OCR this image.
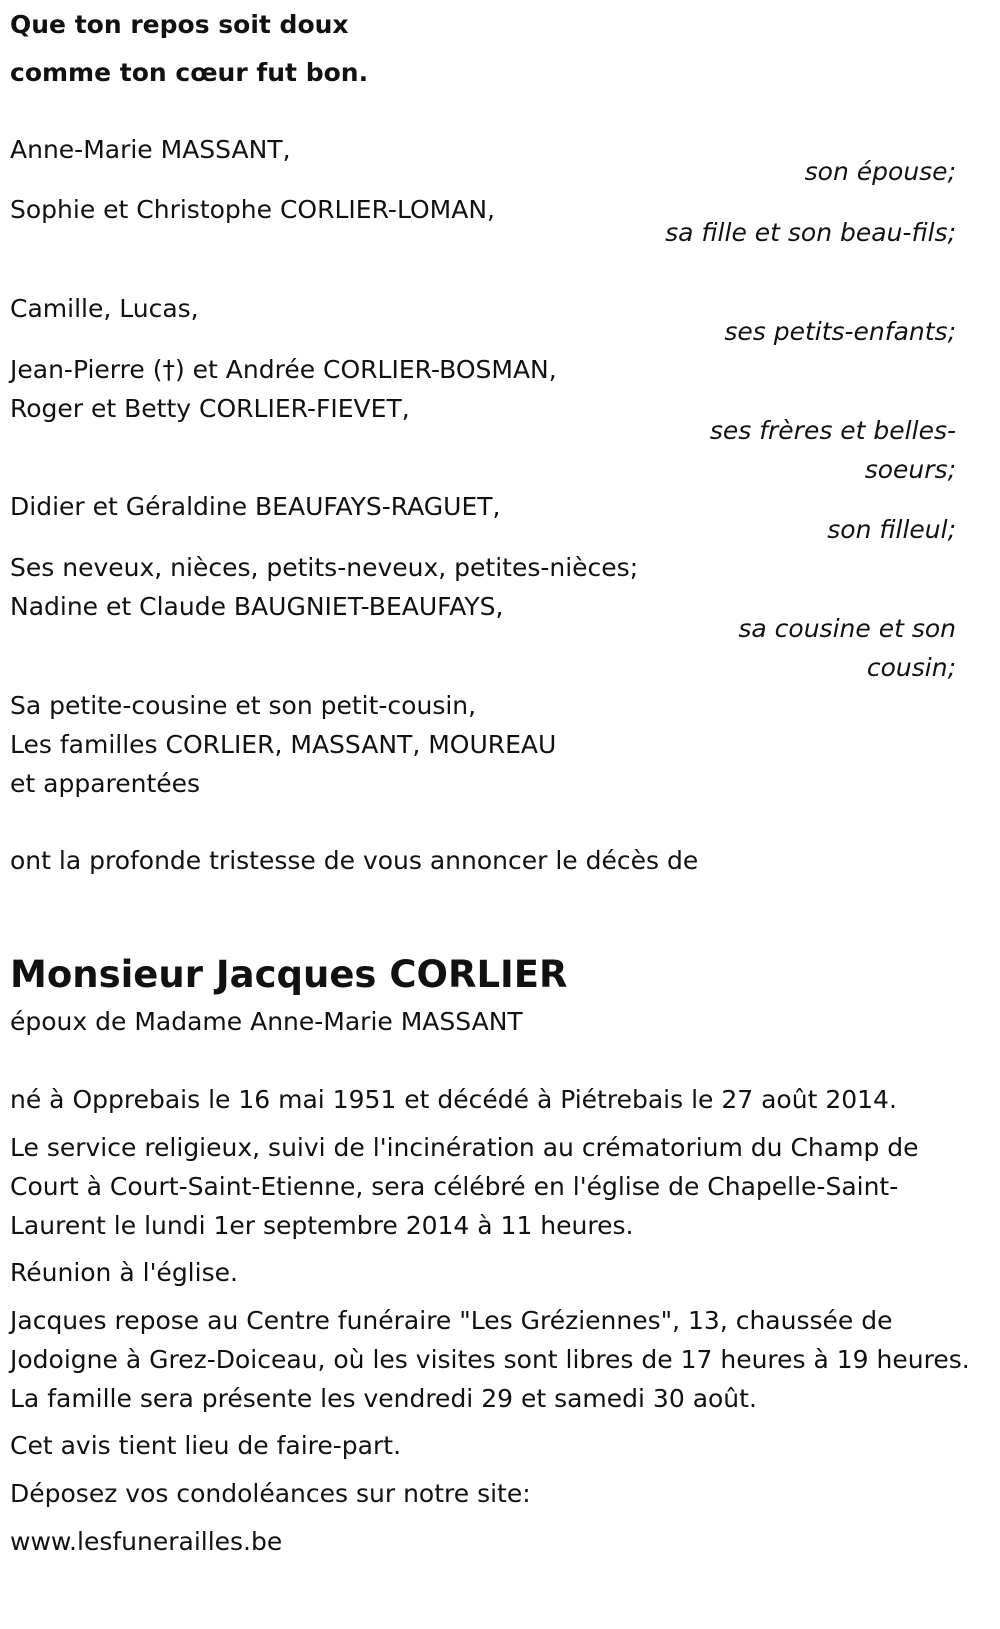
Que ton repos soit doux
comme ton cœur fut bon.
Anne-Marie MASSANT,
Sophie et Christophe CORLIER-LOMAN,
Camille, Lucas,
Jean-Pierre (†) et Andrée CORLIER-BOSMAN,
Roger et Betty CORLIER-FIEVET,
Didier et Géraldine BEAUFAYS-RAGUET,
Ses neveux, nièces, petits-neveux, petites-nièces;
Nadine et Claude BAUGNIET-BEAUFAYS,
Sa petite-cousine et son petit-cousin,
Les familles CORLIER, MASSANT, MOUREAU
et apparentées
son épouse;
sa fille et son beau-fils;
ses petits-enfants;
ses frères et belles-soeurs;
son filleul;
sa cousine et son cousin;
ont la profonde tristesse de vous annoncer le décès de
Monsieur Jacques CORLIER
époux de Madame Anne-Marie MASSANT
né à Opprebais le 16 mai 1951 et décédé à Piétrebais le 27 août 2014.
Le service religieux, suivi de l'incinération au crématorium du Champ de Court à Court-Saint-Etienne, sera célébré en l'église de Chapelle-Saint-Laurent le lundi 1er septembre 2014 à 11 heures.
Réunion à l'église.
Jacques repose au Centre funéraire "Les Gréziennes", 13, chaussée de Jodoigne à Grez-Doiceau, où les visites sont libres de 17 heures à 19 heures. La famille sera présente les vendredi 29 et samedi 30 août.
Cet avis tient lieu de faire-part.
Déposez vos condoléances sur notre site:
www.lesfunerailles.be
